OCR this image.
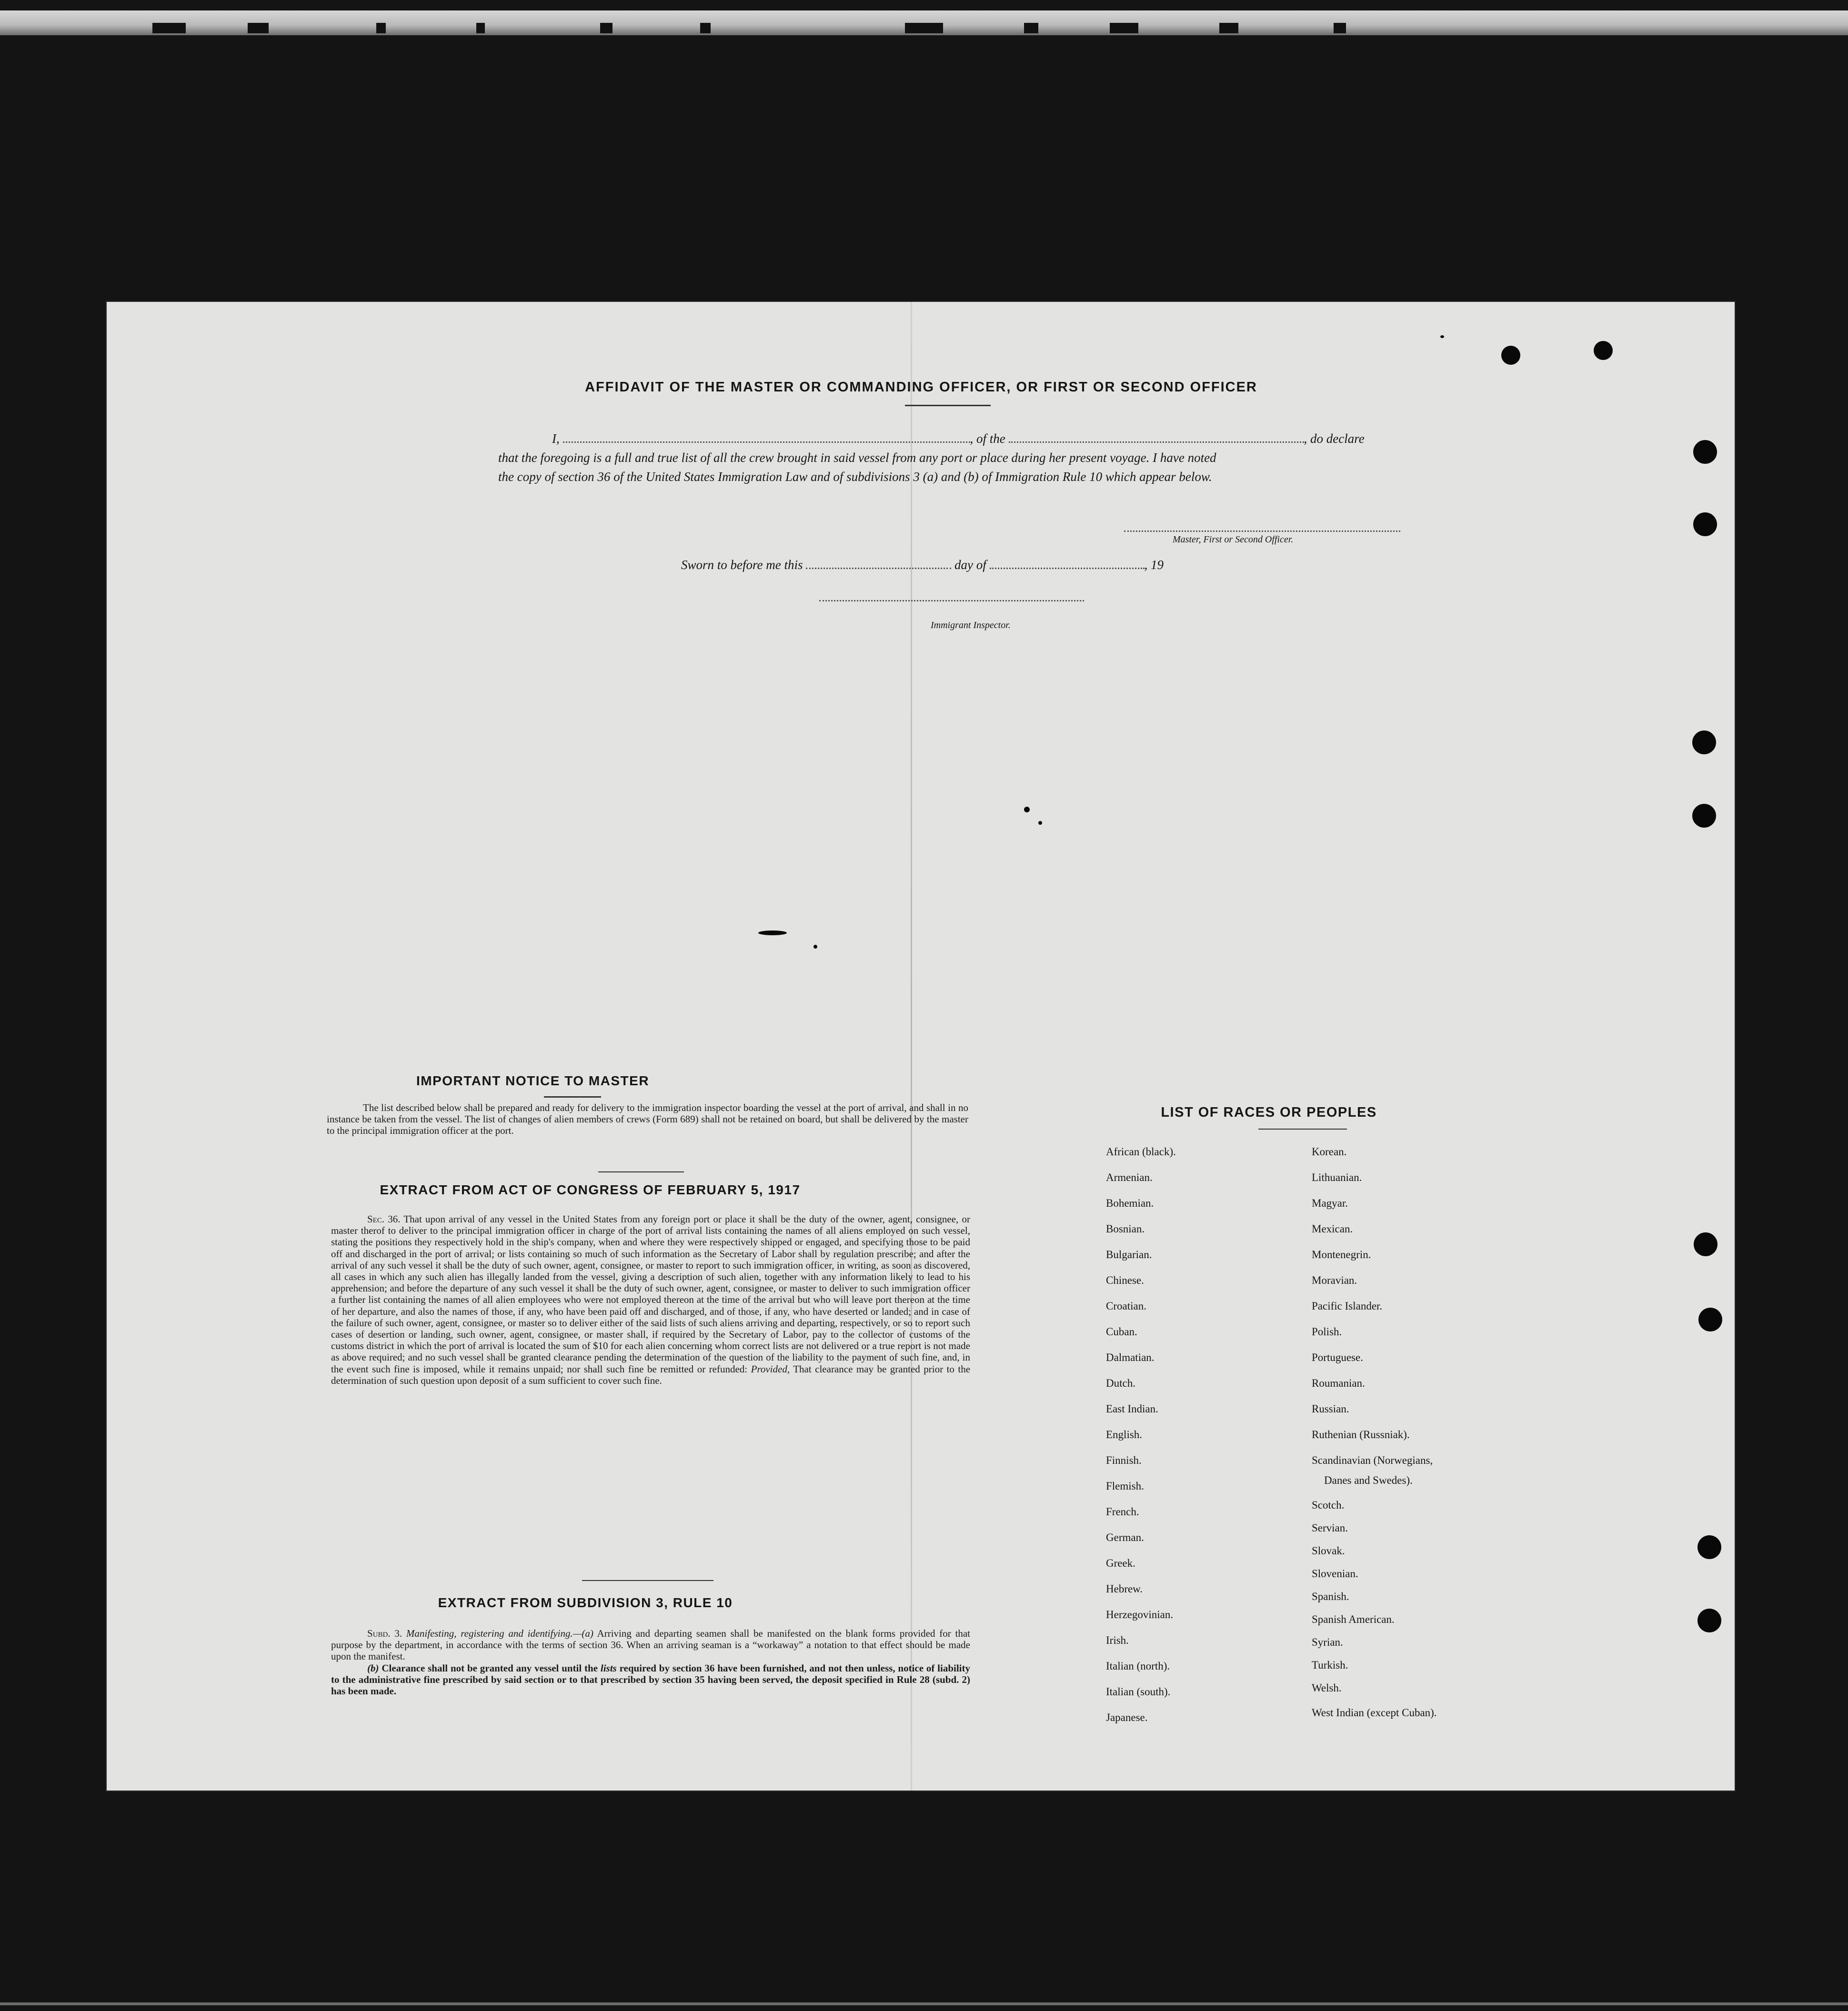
AFFIDAVIT OF THE MASTER OR COMMANDING OFFICER, OR FIRST OR SECOND OFFICER
I,	, of the	, do declare
that the foregoing is a full and true list of all the crew brought in said vessel from any port or place during her present voyage. I have noted
the copy of section 36 of the United States Immigration Law and of subdivisions 3 (a) and (b) of Immigration Rule 10 which appear below.
Master, First or Second Officer.
Sworn to before me this	day of	, 19
Immigrant Inspector.
IMPORTANT NOTICE TO MASTER
The list described below shall be prepared and ready for delivery to the immigration inspector boarding the vessel at the port of arrival, and shall in no instance be taken from the vessel. The list of changes of alien members of crews (Form 689) shall not be retained on board, but shall be delivered by the master to the principal immigration officer at the port.
EXTRACT FROM ACT OF CONGRESS OF FEBRUARY 5, 1917
Sec. 36. That upon arrival of any vessel in the United States from any foreign port or place it shall be the duty of the owner, agent, consignee, or master therof to deliver to the principal immigration officer in charge of the port of arrival lists containing the names of all aliens employed on such vessel, stating the positions they respectively hold in the ship's company, when and where they were respectively shipped or engaged, and specifying those to be paid off and discharged in the port of arrival; or lists containing so much of such information as the Secretary of Labor shall by regulation prescribe; and after the arrival of any such vessel it shall be the duty of such owner, agent, consignee, or master to report to such immigration officer, in writing, as soon as discovered, all cases in which any such alien has illegally landed from the vessel, giving a description of such alien, together with any information likely to lead to his apprehension; and before the departure of any such vessel it shall be the duty of such owner, agent, consignee, or master to deliver to such immigration officer a further list containing the names of all alien employees who were not employed thereon at the time of the arrival but who will leave port thereon at the time of her departure, and also the names of those, if any, who have been paid off and discharged, and of those, if any, who have deserted or landed; and in case of the failure of such owner, agent, consignee, or master so to deliver either of the said lists of such aliens arriving and departing, respectively, or so to report such cases of desertion or landing, such owner, agent, consignee, or master shall, if required by the Secretary of Labor, pay to the collector of customs of the customs district in which the port of arrival is located the sum of $10 for each alien concerning whom correct lists are not delivered or a true report is not made as above required; and no such vessel shall be granted clearance pending the determination of the question of the liability to the payment of such fine, and, in the event such fine is imposed, while it remains unpaid; nor shall such fine be remitted or refunded: Provided, That clearance may be granted prior to the determination of such question upon deposit of a sum sufficient to cover such fine.
EXTRACT FROM SUBDIVISION 3, RULE 10
Subd. 3. Manifesting, registering and identifying.—(a) Arriving and departing seamen shall be manifested on the blank forms provided for that purpose by the department, in accordance with the terms of section 36. When an arriving seaman is a “workaway” a notation to that effect should be made upon the manifest.
(b) Clearance shall not be granted any vessel until the lists required by section 36 have been furnished, and not then unless, notice of liability to the administrative fine prescribed by said section or to that prescribed by section 35 having been served, the deposit specified in Rule 28 (subd. 2) has been made.
LIST OF RACES OR PEOPLES
African (black).
Armenian.
Bohemian.
Bosnian.
Bulgarian.
Chinese.
Croatian.
Cuban.
Dalmatian.
Dutch.
East Indian.
English.
Finnish.
Flemish.
French.
German.
Greek.
Hebrew.
Herzegovinian.
Irish.
Italian (north).
Italian (south).
Japanese.
Korean.
Lithuanian.
Magyar.
Mexican.
Montenegrin.
Moravian.
Pacific Islander.
Polish.
Portuguese.
Roumanian.
Russian.
Ruthenian (Russniak).
Scandinavian (Norwegians,
Danes and Swedes).
Scotch.
Servian.
Slovak.
Slovenian.
Spanish.
Spanish American.
Syrian.
Turkish.
Welsh.
West Indian (except Cuban).
